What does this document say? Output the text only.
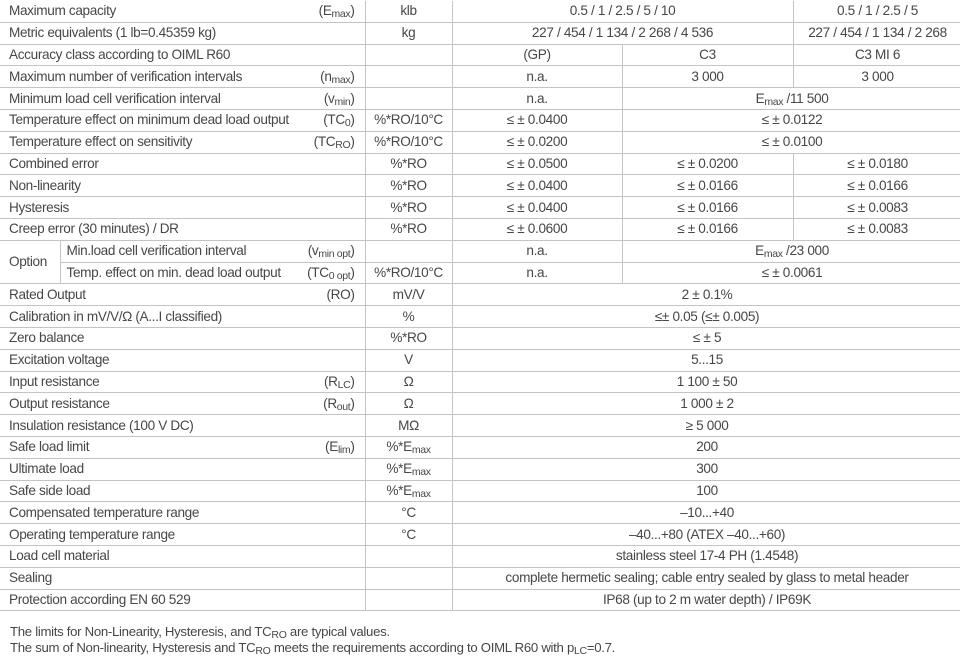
Maximum capacity $(E_{max})$		klb	0.5 / 1 / 2.5 / 5 / 10		0.5 / 1 / 2.5 / 5

Metric equivalents (1 lb=0.45359 kg)		kg	227 / 454 / 1 134 / 2 268 / 4 536		227 / 454 / 1 134 / 2 268

Accuracy class according to OIML R60			(GP)	C3	C3 MI 6

Maximum number of verification intervals $(n_{max})$			n.a.	3 000	3 000

Minimum load cell verification interval $(v_{min})$			n.a.	$E_{max}$ /11 500	

Temperature effect on minimum dead load output $(TC_0)$		%*RO/10°C	≤ ± 0.0400	≤ ± 0.0122	

Temperature effect on sensitivity $(TC_{RO})$		%*RO/10°C	≤ ± 0.0200	≤ ± 0.0100	

Combined error		%*RO	≤ ± 0.0500	≤ ± 0.0200	≤ ± 0.0180

Non-linearity		%*RO	≤ ± 0.0400	≤ ± 0.0166	≤ ± 0.0166

Hysteresis		%*RO	≤ ± 0.0400	≤ ± 0.0166	≤ ± 0.0083

Creep error (30 minutes) / DR		%*RO	≤ ± 0.0600	≤ ± 0.0166	≤ ± 0.0083
Option	Min.load cell verification interval $(v_{min opt})$		n.a.	$E_{max}$ /23 000	

	Temp. effect on min. dead load output $(TC_{0 opt})$	%*RO/10°C	n.a.	≤ ± 0.0061	

Rated Output (RO)		mV/V	2 ± 0.1%		

Calibration in mV/V/Ω (A...I classified)		%	≤± 0.05 (≤± 0.005)		

Zero balance		%*RO	≤ ± 5		

Excitation voltage		V	5...15		

Input resistance $(R_{LC})$		Ω	1 100 ± 50		

Output resistance $(R_{out})$		Ω	1 000 ± 2		

Insulation resistance (100 V DC)		MΩ	≥ 5 000		

Safe load limit $(E_{lim})$		$\%*E_{max}$	200		

Ultimate load		$\%*E_{max}$	300		

Safe side load		$\%*E_{max}$	100		

Compensated temperature range		°C	–10...+40		

Operating temperature range		°C	–40...+80 (ATEX –40...+60)		

Load cell material			stainless steel 17-4 PH (1.4548)		

Sealing			complete hermetic sealing; cable entry sealed by glass to metal header		

Protection according EN 60 529			IP68 (up to 2 m water depth) / IP69K		

The limits for Non-Linearity, Hysteresis, and $TC_{RO}$ are typical values.

The sum of Non-linearity, Hysteresis and $TC_{RO}$ meets the requirements according to OIML R60 with $p_{LC}=0.7$.
